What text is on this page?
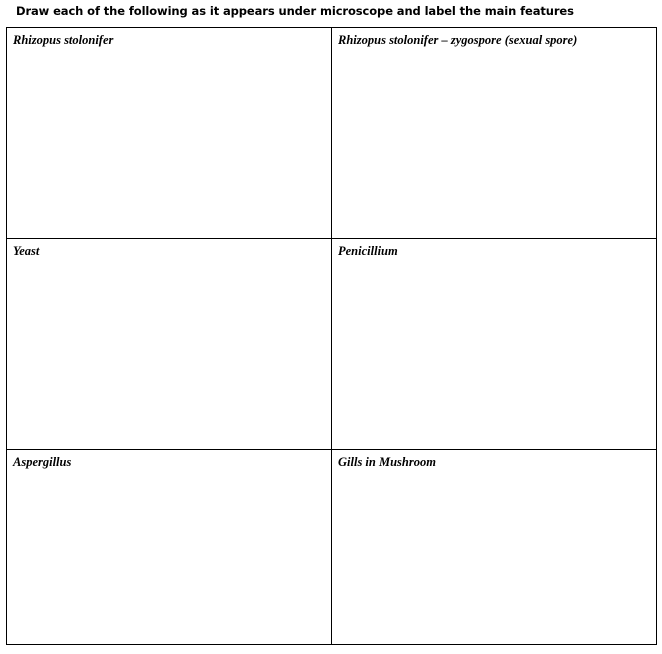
Draw each of the following as it appears under microscope and label the main features
Rhizopus stolonifer	Rhizopus stolonifer – zygospore (sexual spore)
Yeast	Penicillium
Aspergillus	Gills in Mushroom
